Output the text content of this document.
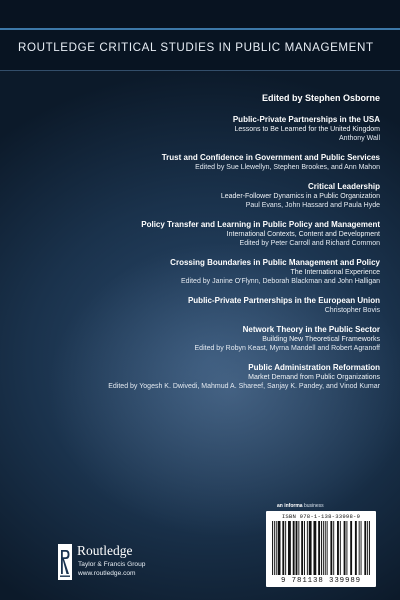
ROUTLEDGE CRITICAL STUDIES IN PUBLIC MANAGEMENT
Edited by Stephen Osborne
Public-Private Partnerships in the USA
Lessons to Be Learned for the United Kingdom
Anthony Wall
Trust and Confidence in Government and Public Services
Edited by Sue Llewellyn, Stephen Brookes, and Ann Mahon
Critical Leadership
Leader-Follower Dynamics in a Public Organization
Paul Evans, John Hassard and Paula Hyde
Policy Transfer and Learning in Public Policy and Management
International Contexts, Content and Development
Edited by Peter Carroll and Richard Common
Crossing Boundaries in Public Management and Policy
The International Experience
Edited by Janine O'Flynn, Deborah Blackman and John Halligan
Public-Private Partnerships in the European Union
Christopher Bovis
Network Theory in the Public Sector
Building New Theoretical Frameworks
Edited by Robyn Keast, Myrna Mandell and Robert Agranoff
Public Administration Reformation
Market Demand from Public Organizations
Edited by Yogesh K. Dwivedi, Mahmud A. Shareef, Sanjay K. Pandey, and Vinod Kumar
an informa business
ISBN 978-1-138-33998-9
9 781138 339989
Routledge
Taylor & Francis Group
www.routledge.com
